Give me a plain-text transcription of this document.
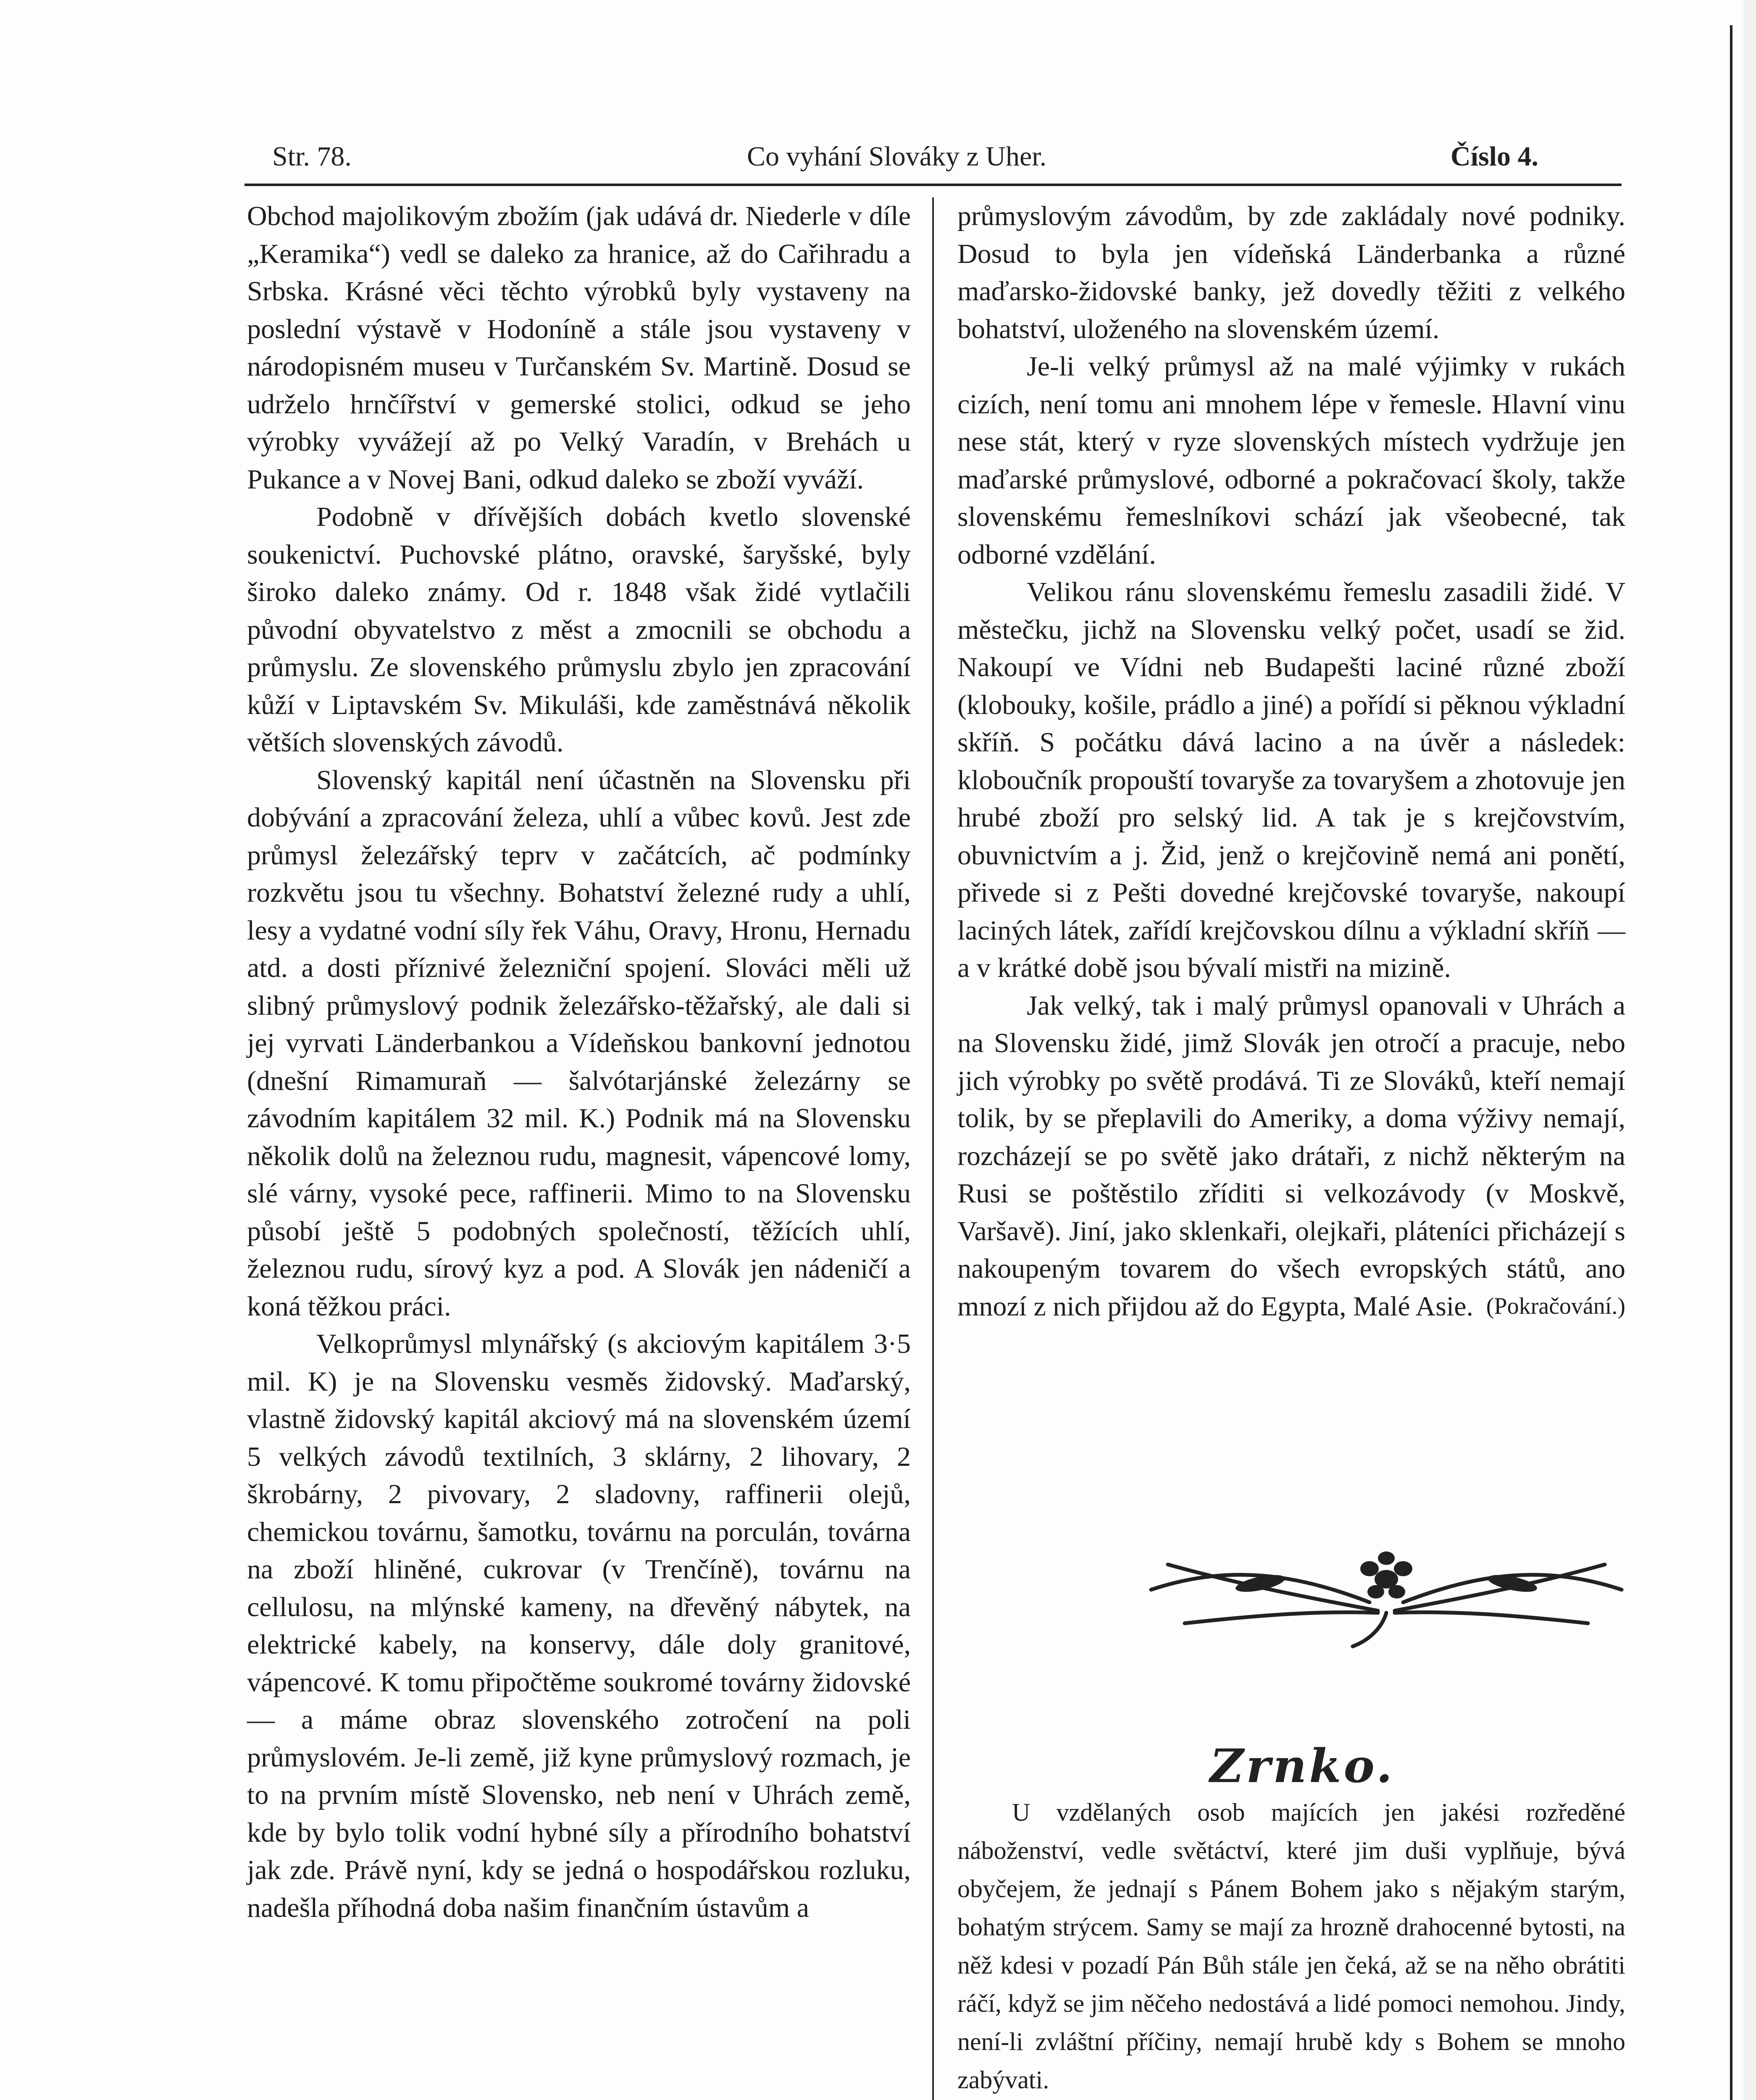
Str. 78.	Co vyhání Slováky z Uher.	Číslo 4.

Obchod majolikovým zbožím (jak udává dr. Niederle v díle „Keramika“) vedl se daleko za hranice, až do Cařihradu a Srbska. Krásné věci těchto výrobků byly vystaveny na poslední výstavě v Hodoníně a stále jsou vystaveny v národopisném museu v Turčanském Sv. Martině. Dosud se udrželo hrnčířství v gemerské stolici, odkud se jeho výrobky vyvážejí až po Velký Varadín, v Brehách u Pukance a v Novej Bani, odkud daleko se zboží vyváží.

Podobně v dřívějších dobách kvetlo slovenské soukenictví. Puchovské plátno, oravské, šaryšské, byly široko daleko známy. Od r. 1848 však židé vytlačili původní obyvatelstvo z měst a zmocnili se obchodu a průmyslu. Ze slovenského průmyslu zbylo jen zpracování kůží v Liptavském Sv. Mikuláši, kde zaměstnává několik větších slovenských závodů.

Slovenský kapitál není účastněn na Slovensku při dobývání a zpracování železa, uhlí a vůbec kovů. Jest zde průmysl železářský teprv v začátcích, ač podmínky rozkvětu jsou tu všechny. Bohatství železné rudy a uhlí, lesy a vydatné vodní síly řek Váhu, Oravy, Hronu, Hernadu atd. a dosti příznivé železniční spojení. Slováci měli už slibný průmyslový podnik železářsko-těžařský, ale dali si jej vyrvati Länderbankou a Vídeňskou bankovní jednotou (dnešní Rimamuraň — šalvótarjánské železárny se závodním kapitálem 32 mil. K.) Podnik má na Slovensku několik dolů na železnou rudu, magnesit, vápencové lomy, slé várny, vysoké pece, raffinerii. Mimo to na Slovensku působí ještě 5 podobných společností, těžících uhlí, železnou rudu, sírový kyz a pod. A Slovák jen nádeničí a koná těžkou práci.

Velkoprůmysl mlynářský (s akciovým kapitálem 3·5 mil. K) je na Slovensku vesměs židovský. Maďarský, vlastně židovský kapitál akciový má na slovenském území 5 velkých závodů textilních, 3 sklárny, 2 lihovary, 2 škrobárny, 2 pivovary, 2 sladovny, raffinerii olejů, chemickou továrnu, šamotku, továrnu na porculán, továrna na zboží hliněné, cukrovar (v Trenčíně), továrnu na cellulosu, na mlýnské kameny, na dřevěný nábytek, na elektrické kabely, na konservy, dále doly granitové, vápencové. K tomu připočtěme soukromé továrny židovské — a máme obraz slovenského zotročení na poli průmyslovém. Je-li země, již kyne průmyslový rozmach, je to na prvním místě Slovensko, neb není v Uhrách země, kde by bylo tolik vodní hybné síly a přírodního bohatství jak zde. Právě nyní, kdy se jedná o hospodářskou rozluku, nadešla příhodná doba našim finančním ústavům a

průmyslovým závodům, by zde zakládaly nové podniky. Dosud to byla jen vídeňská Länderbanka a různé maďarsko-židovské banky, jež dovedly těžiti z velkého bohatství, uloženého na slovenském území.

Je-li velký průmysl až na malé výjimky v rukách cizích, není tomu ani mnohem lépe v řemesle. Hlavní vinu nese stát, který v ryze slovenských místech vydržuje jen maďarské průmyslové, odborné a pokračovací školy, takže slovenskému řemeslníkovi schází jak všeobecné, tak odborné vzdělání.

Velikou ránu slovenskému řemeslu zasadili židé. V městečku, jichž na Slovensku velký počet, usadí se žid. Nakoupí ve Vídni neb Budapešti laciné různé zboží (klobouky, košile, prádlo a jiné) a pořídí si pěknou výkladní skříň. S počátku dává lacino a na úvěr a následek: kloboučník propouští tovaryše za tovaryšem a zhotovuje jen hrubé zboží pro selský lid. A tak je s krejčovstvím, obuvnictvím a j. Žid, jenž o krejčovině nemá ani ponětí, přivede si z Pešti dovedné krejčovské tovaryše, nakoupí laciných látek, zařídí krejčovskou dílnu a výkladní skříň — a v krátké době jsou bývalí mistři na mizině.

Jak velký, tak i malý průmysl opanovali v Uhrách a na Slovensku židé, jimž Slovák jen otročí a pracuje, nebo jich výrobky po světě prodává. Ti ze Slováků, kteří nemají tolik, by se přeplavili do Ameriky, a doma výživy nemají, rozcházejí se po světě jako drátaři, z nichž některým na Rusi se poštěstilo zříditi si velkozávody (v Moskvě, Varšavě). Jiní, jako sklenkaři, olejkaři, pláteníci přicházejí s nakoupeným tovarem do všech evropských států, ano mnozí z nich přijdou až do Egypta, Malé Asie. (Pokračování.)
Zrnko.

U vzdělaných osob majících jen jakési rozředěné náboženství, vedle světáctví, které jim duši vyplňuje, bývá obyčejem, že jednají s Pánem Bohem jako s nějakým starým, bohatým strýcem. Samy se mají za hrozně drahocenné bytosti, na něž kdesi v pozadí Pán Bůh stále jen čeká, až se na něho obrátiti ráčí, když se jim něčeho nedostává a lidé pomoci nemohou. Jindy, není-li zvláštní příčiny, nemají hrubě kdy s Bohem se mnoho zabývati.
